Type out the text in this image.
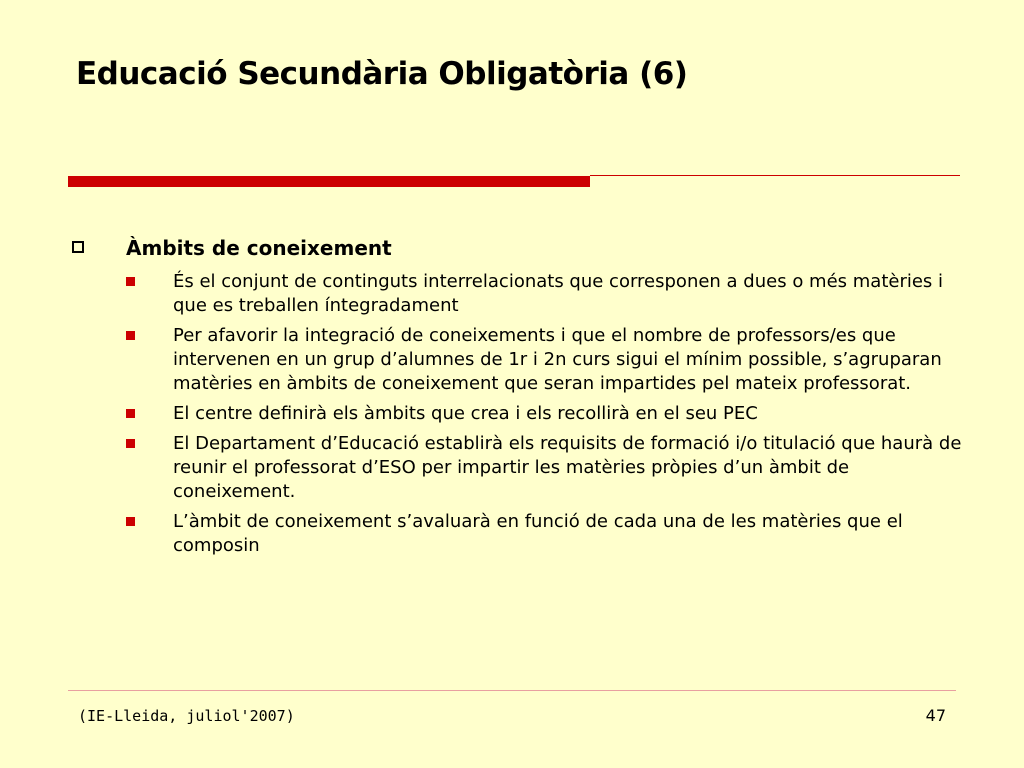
Educació Secundària Obligatòria (6)
Àmbits de coneixement
És el conjunt de continguts interrelacionats que corresponen a dues o més matèries i que es treballen íntegradament
Per afavorir la integració de coneixements i que el nombre de professors/es que intervenen en un grup d’alumnes de 1r i 2n curs sigui el mínim possible, s’agruparan matèries en àmbits de coneixement que seran impartides pel mateix professorat.
El centre definirà els àmbits que crea i els recollirà en el seu PEC
El Departament d’Educació establirà els requisits de formació i/o titulació que haurà de reunir el professorat d’ESO per impartir les matèries pròpies d’un àmbit de coneixement.
L’àmbit de coneixement s’avaluarà en funció de cada una de les matèries que el composin
(IE-Lleida, juliol'2007)	47
